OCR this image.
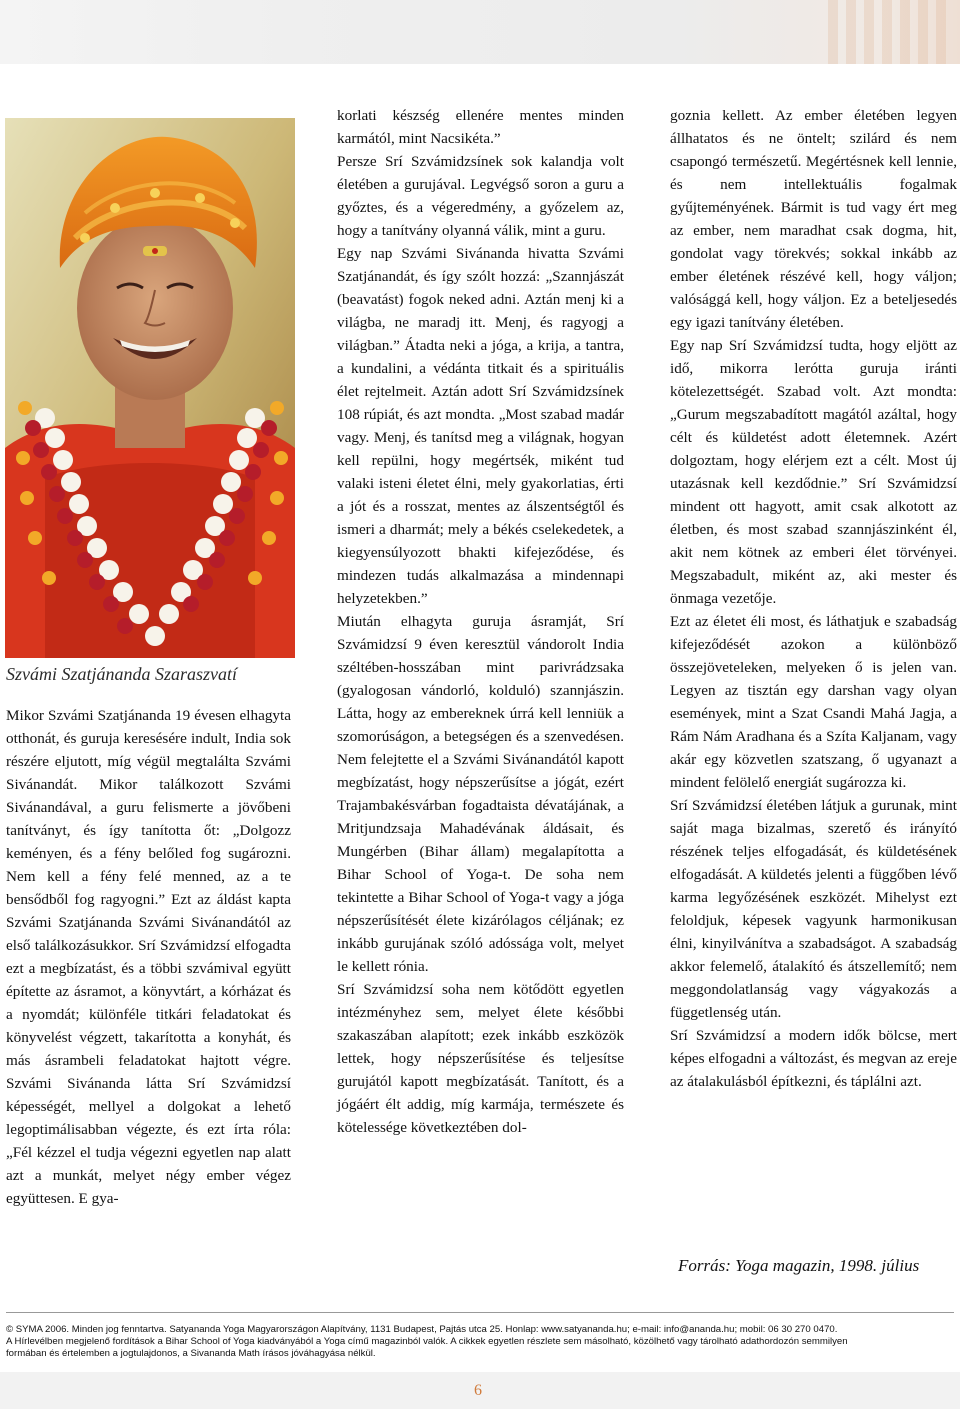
Szvámi Szatjánanda Szaraszvatí

Mikor Szvámi Szatjánanda 19 évesen elhagyta otthonát, és guruja keresésére indult, India sok részére eljutott, míg végül megtalálta Szvámi Sivánandát. Mikor találkozott Szvámi Sivánandával, a guru felismerte a jövőbeni tanítványt, és így tanította őt: „Dolgozz keményen, és a fény belőled fog sugározni. Nem kell a fény felé menned, az a te bensődből fog ragyogni.” Ezt az áldást kapta Szvámi Szatjánanda Szvámi Sivánandától az első találkozásukkor. Srí Szvámidzsí elfogadta ezt a megbízatást, és a többi szvámival együtt építette az ásramot, a könyvtárt, a kórházat és a nyomdát; különféle titkári feladatokat és könyvelést végzett, takarította a konyhát, és más ásrambeli feladatokat hajtott végre. Szvámi Sivánanda látta Srí Szvámidzsí képességét, mellyel a dolgokat a lehető legoptimálisabban végezte, és ezt írta róla: „Fél kézzel el tudja végezni egyetlen nap alatt azt a munkát, melyet négy ember végez együttesen. E gya-

korlati készség ellenére mentes minden karmától, mint Nacsikéta.”

Persze Srí Szvámidzsínek sok kalandja volt életében a gurujával. Legvégső soron a guru a győztes, és a végeredmény, a győzelem az, hogy a tanítvány olyanná válik, mint a guru.

Egy nap Szvámi Sivánanda hivatta Szvámi Szatjánandát, és így szólt hozzá: „Szannjászát (beavatást) fogok neked adni. Aztán menj ki a világba, ne maradj itt. Menj, és ragyogj a világban.” Átadta neki a jóga, a krija, a tantra, a kundalini, a védánta titkait és a spirituális élet rejtelmeit. Aztán adott Srí Szvámidzsínek 108 rúpiát, és azt mondta. „Most szabad madár vagy. Menj, és tanítsd meg a világnak, hogyan kell repülni, hogy megértsék, miként tud valaki isteni életet élni, mely gyakorlatias, érti a jót és a rosszat, mentes az álszentségtől és ismeri a dharmát; mely a békés cselekedetek, a kiegyensúlyozott bhakti kifejeződése, és mindezen tudás alkalmazása a mindennapi helyzetekben.”

Miután elhagyta guruja ásramját, Srí Szvámidzsí 9 éven keresztül vándorolt India széltében-hosszában mint parivrádzsaka (gyalogosan vándorló, kolduló) szannjászin. Látta, hogy az embereknek úrrá kell lenniük a szomorúságon, a betegségen és a szenvedésen. Nem felejtette el a Szvámi Sivánandától kapott megbízatást, hogy népszerűsítse a jógát, ezért Trajambakésvárban fogadtaista dévatájának, a Mritjundzsaja Mahadévának áldásait, és Mungérben (Bihar állam) megalapította a Bihar School of Yoga-t. De soha nem tekintette a Bihar School of Yoga-t vagy a jóga népszerűsítését élete kizárólagos céljának; ez inkább gurujának szóló adóssága volt, melyet le kellett rónia.

Srí Szvámidzsí soha nem kötődött egyetlen intézményhez sem, melyet élete későbbi szakaszában alapított; ezek inkább eszközök lettek, hogy népszerűsítése és teljesítse gurujától kapott megbízatását. Tanított, és a jógáért élt addig, míg karmája, természete és kötelessége következtében dol-

goznia kellett. Az ember életében legyen állhatatos és ne öntelt; szilárd és nem csapongó természetű. Megértésnek kell lennie, és nem intellektuális fogalmak gyűjteményének. Bármit is tud vagy ért meg az ember, nem maradhat csak dogma, hit, gondolat vagy törekvés; sokkal inkább az ember életének részévé kell, hogy váljon; valósággá kell, hogy váljon. Ez a beteljesedés egy igazi tanítvány életében.

Egy nap Srí Szvámidzsí tudta, hogy eljött az idő, mikorra lerótta guruja iránti kötelezettségét. Szabad volt. Azt mondta: „Gurum megszabadított magától azáltal, hogy célt és küldetést adott életemnek. Azért dolgoztam, hogy elérjem ezt a célt. Most új utazásnak kell kezdődnie.” Srí Szvámidzsí mindent ott hagyott, amit csak alkotott az életben, és most szabad szannjászinként él, akit nem kötnek az emberi élet törvényei. Megszabadult, miként az, aki mester és önmaga vezetője.

Ezt az életet éli most, és láthatjuk e szabadság kifejeződését azokon a különböző összejöveteleken, melyeken ő is jelen van. Legyen az tisztán egy darshan vagy olyan események, mint a Szat Csandi Mahá Jagja, a Rám Nám Aradhana és a Szíta Kaljanam, vagy akár egy közvetlen szatszang, ő ugyanazt a mindent felölelő energiát sugározza ki.

Srí Szvámidzsí életében látjuk a gurunak, mint saját maga bizalmas, szerető és irányító részének teljes elfogadását, és küldetésének elfogadását. A küldetés jelenti a függőben lévő karma legyőzésének eszközét. Mihelyst ezt feloldjuk, képesek vagyunk harmonikusan élni, kinyilvánítva a szabadságot. A szabadság akkor felemelő, átalakító és átszellemítő; nem meggondolatlanság vagy vágyakozás a függetlenség után.

Srí Szvámidzsí a modern idők bölcse, mert képes elfogadni a változást, és megvan az ereje az átalakulásból építkezni, és táplálni azt.

Forrás: Yoga magazin, 1998. július
© SYMA 2006. Minden jog fenntartva. Satyananda Yoga Magyarországon Alapítvány, 1131 Budapest, Pajtás utca 25. Honlap: www.satyananda.hu; e-mail: info@ananda.hu; mobil: 06 30 270 0470.
A Hírlevélben megjelenő fordítások a Bihar School of Yoga kiadványából a Yoga című magazinból valók. A cikkek egyetlen részlete sem másolható, közölhető vagy tárolható adathordozón semmilyen
formában és értelemben a jogtulajdonos, a Sivananda Math írásos jóváhagyása nélkül.
6
